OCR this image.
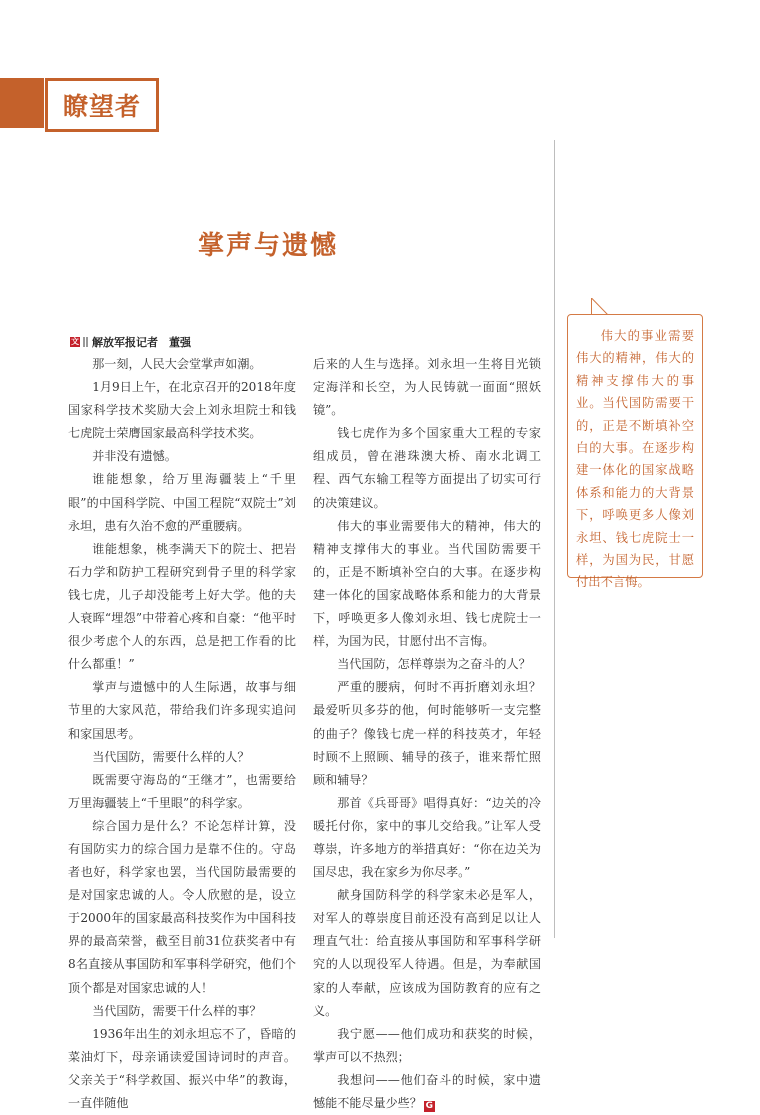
瞭望者
掌声与遗憾
文 解放军报记者　董强

那一刻，人民大会堂掌声如潮。

1月9日上午，在北京召开的2018年度国家科学技术奖励大会上刘永坦院士和钱七虎院士荣膺国家最高科学技术奖。

并非没有遗憾。

谁能想象，给万里海疆装上“千里眼”的中国科学院、中国工程院“双院士”刘永坦，患有久治不愈的严重腰病。

谁能想象，桃李满天下的院士、把岩石力学和防护工程研究到骨子里的科学家钱七虎，儿子却没能考上好大学。他的夫人衰晖“埋怨”中带着心疼和自豪：“他平时很少考虑个人的东西，总是把工作看的比什么都重！”

掌声与遗憾中的人生际遇，故事与细节里的大家风范，带给我们许多现实追问和家国思考。

当代国防，需要什么样的人？

既需要守海岛的“王继才”，也需要给万里海疆装上“千里眼”的科学家。

综合国力是什么？不论怎样计算，没有国防实力的综合国力是靠不住的。守岛者也好，科学家也罢，当代国防最需要的是对国家忠诚的人。令人欣慰的是，设立于2000年的国家最高科技奖作为中国科技界的最高荣誉，截至目前31位获奖者中有8名直接从事国防和军事科学研究，他们个顶个都是对国家忠诚的人！

当代国防，需要干什么样的事？

1936年出生的刘永坦忘不了，昏暗的菜油灯下，母亲诵读爱国诗词时的声音。父亲关于“科学救国、振兴中华”的教诲，一直伴随他

后来的人生与选择。刘永坦一生将目光锁定海洋和长空，为人民铸就一面面“照妖镜”。

钱七虎作为多个国家重大工程的专家组成员，曾在港珠澳大桥、南水北调工程、西气东输工程等方面提出了切实可行的决策建议。

伟大的事业需要伟大的精神，伟大的精神支撑伟大的事业。当代国防需要干的，正是不断填补空白的大事。在逐步构建一体化的国家战略体系和能力的大背景下，呼唤更多人像刘永坦、钱七虎院士一样，为国为民，甘愿付出不言悔。

当代国防，怎样尊崇为之奋斗的人？

严重的腰病，何时不再折磨刘永坦？最爱听贝多芬的他，何时能够听一支完整的曲子？像钱七虎一样的科技英才，年轻时顾不上照顾、辅导的孩子，谁来帮忙照顾和辅导？

那首《兵哥哥》唱得真好：“边关的冷暖托付你，家中的事儿交给我。”让军人受尊崇，许多地方的举措真好：“你在边关为国尽忠，我在家乡为你尽孝。”

献身国防科学的科学家未必是军人，对军人的尊崇度目前还没有高到足以让人理直气壮：给直接从事国防和军事科学研究的人以现役军人待遇。但是，为奉献国家的人奉献，应该成为国防教育的应有之义。

我宁愿——他们成功和获奖的时候，掌声可以不热烈；

我想问——他们奋斗的时候，家中遗憾能不能尽量少些？ G

伟大的事业需要伟大的精神，伟大的精神支撑伟大的事业。当代国防需要干的，正是不断填补空白的大事。在逐步构建一体化的国家战略体系和能力的大背景下，呼唤更多人像刘永坦、钱七虎院士一样，为国为民，甘愿付出不言悔。
